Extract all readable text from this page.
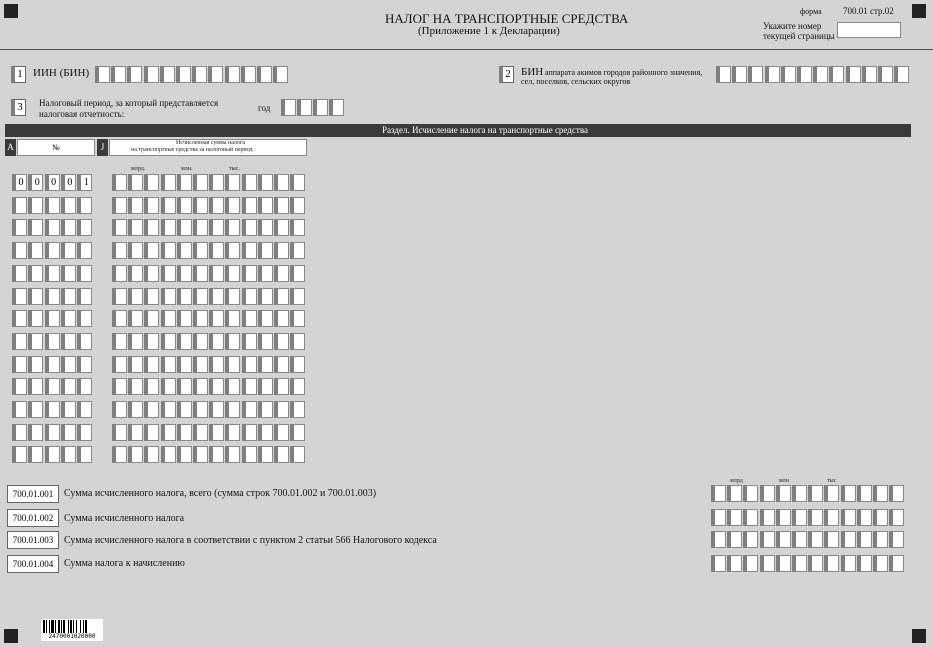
форма 700.01 стр.02
НАЛОГ НА ТРАНСПОРТНЫЕ СРЕДСТВА
(Приложение 1 к Декларации)	Укажите номер
текущей страницы
1 ИИН (БИН)	2 БИН аппарата акимов городов районного значения,
сел, поселков, сельских округов
3	Налоговый период, за который представляется
налоговая отчетность:
год
Раздел. Исчисление налога на транспортные средства
A	№	J	Исчисленная сумма налога
на транспортные средства за налоговый период
млрд.	млн.	тыс.
0	0	0	0	1
млрд	млн	тыс
700.01.001	Сумма исчисленного налога, всего (сумма строк 700.01.002 и 700.01.003)
700.01.002	Сумма исчисленного налога
700.01.003	Сумма исчисленного налога в соответствии с пунктом 2 статьи 566 Налогового кодекса
700.01.004	Сумма налога к начислению
2470001020000
